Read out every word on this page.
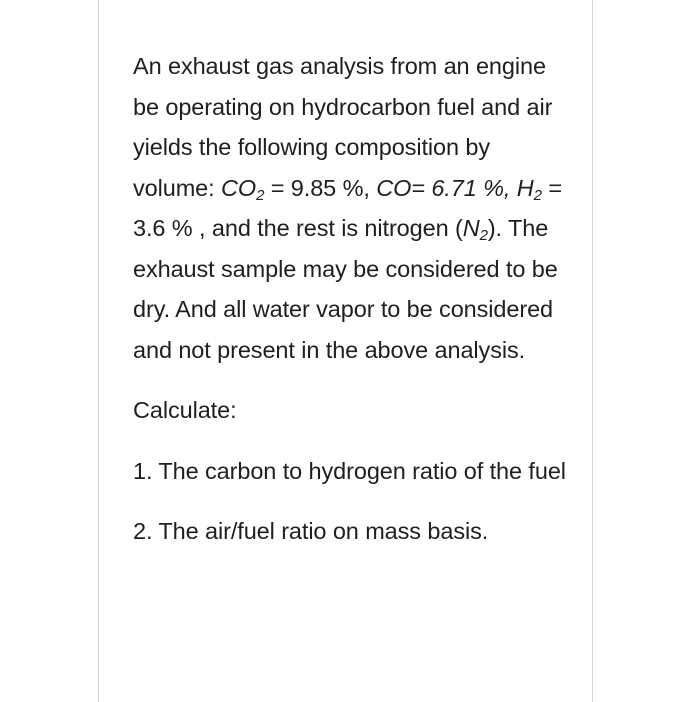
An exhaust gas analysis from an engine be operating on hydrocarbon fuel and air yields the following composition by volume: $CO_2 = 9.85$ %, CO= 6.71 %, $H_2 = 3.6$ % , and the rest is nitrogen $(N_2)$. The exhaust sample may be considered to be dry. And all water vapor to be considered and not present in the above analysis.

Calculate:

1. The carbon to hydrogen ratio of the fuel

2. The air/fuel ratio on mass basis.
